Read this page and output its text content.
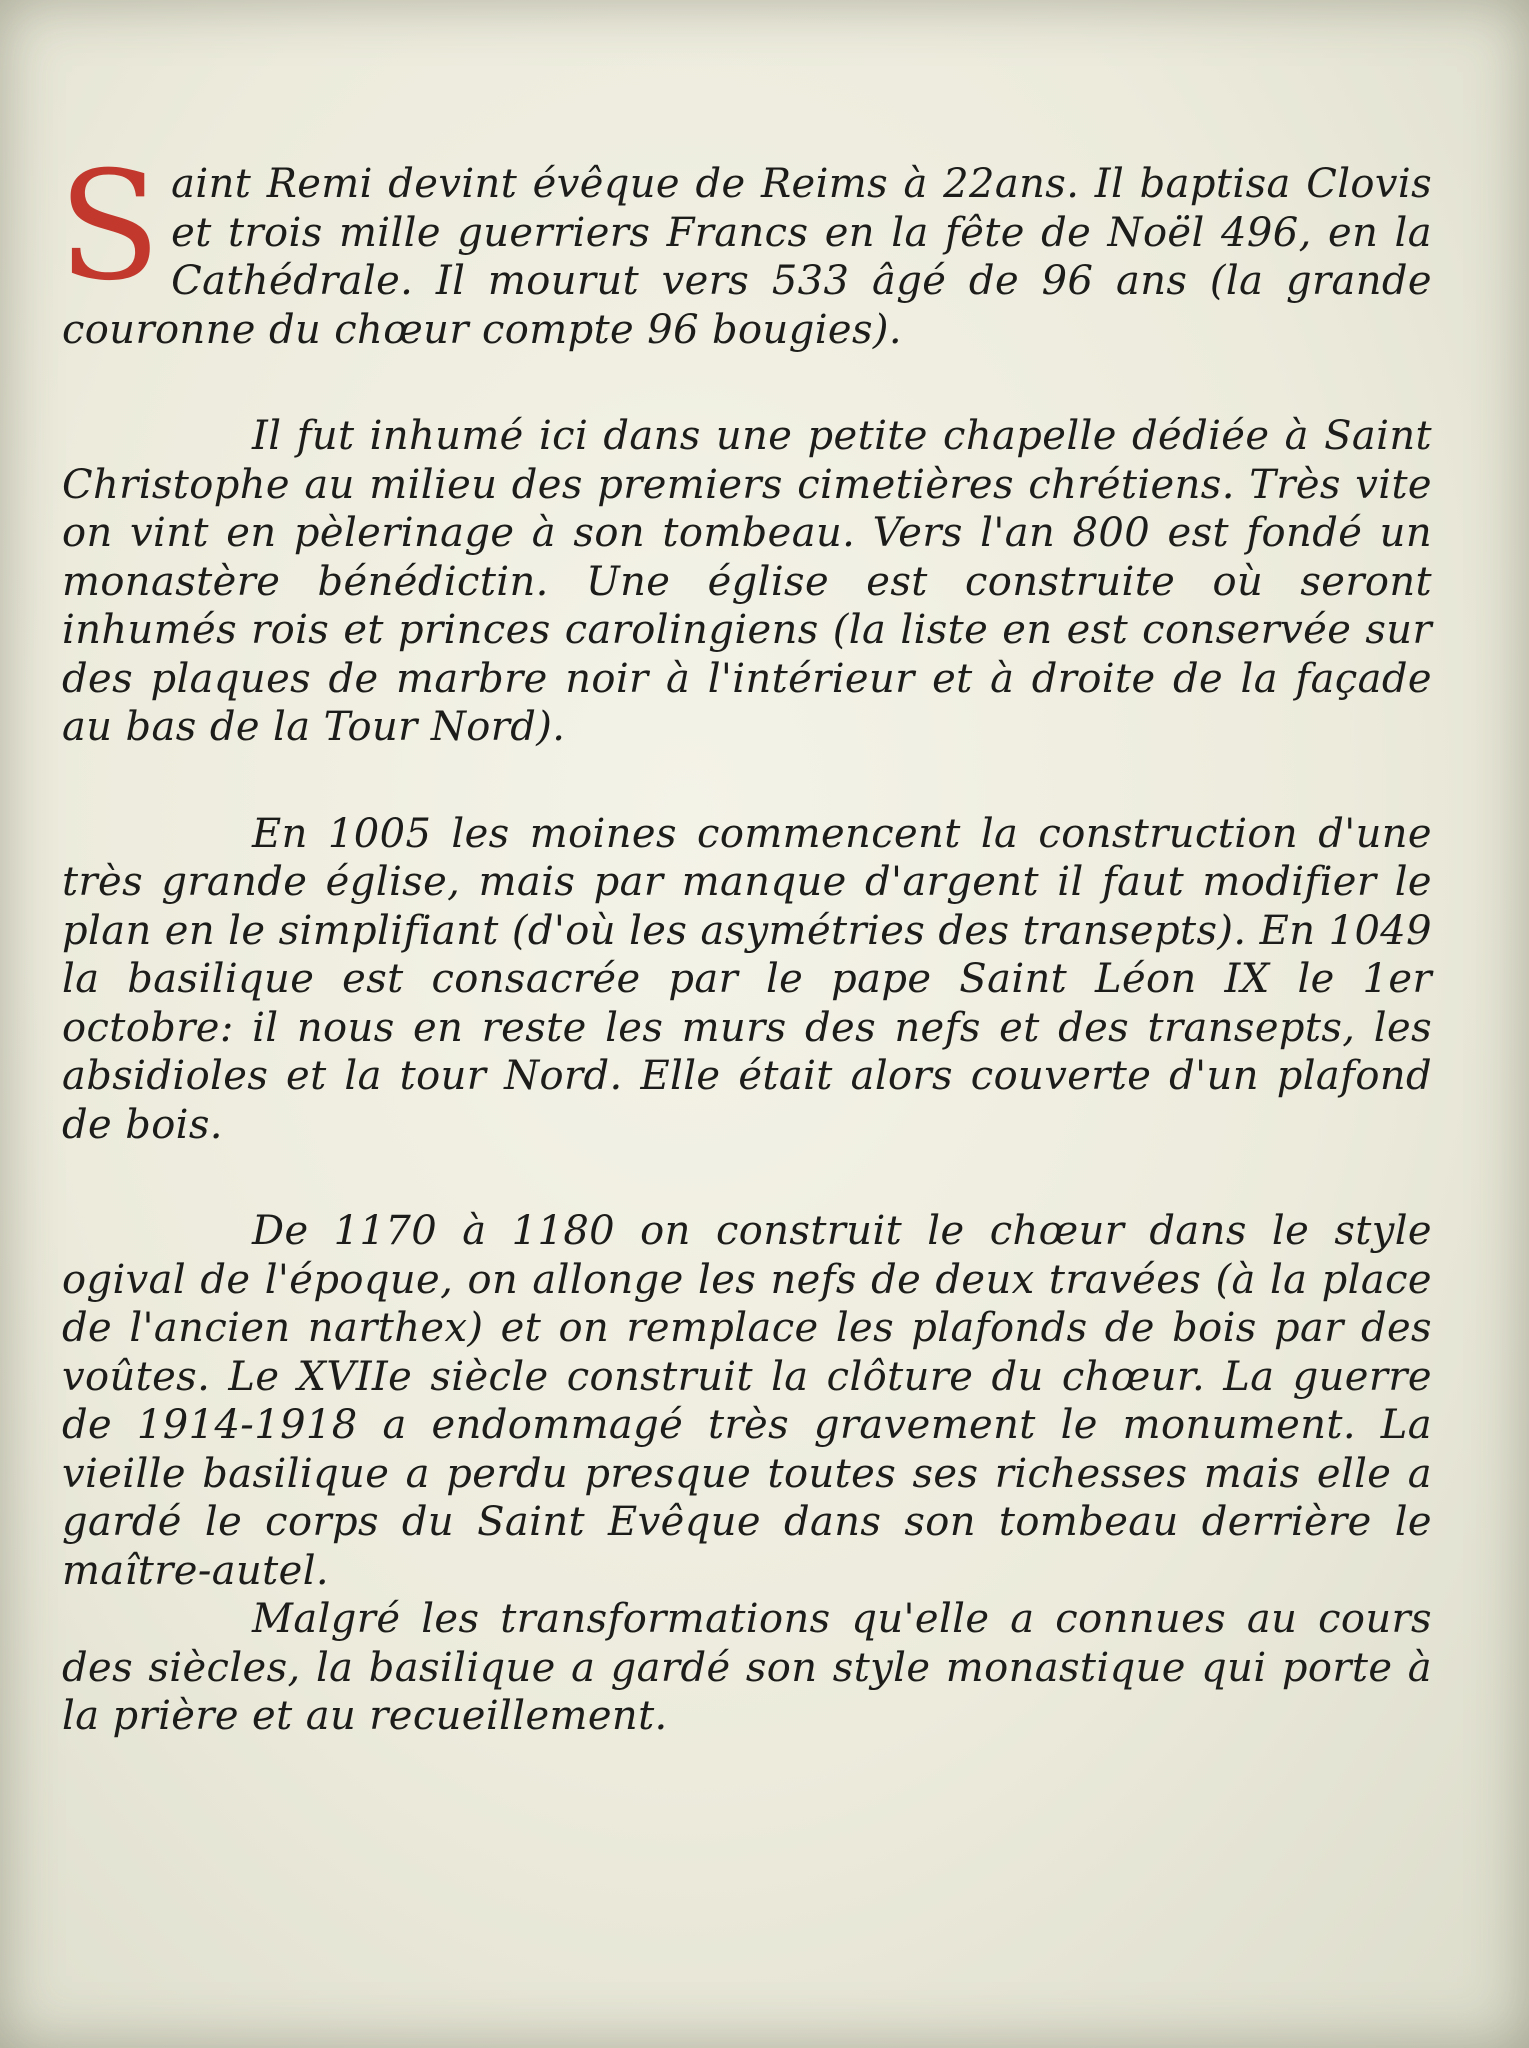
Saint Remi devint évêque de Reims à 22ans. Il baptisa Clovis et trois mille guerriers Francs en la fête de Noël 496, en la Cathédrale. Il mourut vers 533 âgé de 96 ans (la grande couronne du chœur compte 96 bougies).

Il fut inhumé ici dans une petite chapelle dédiée à Saint Christophe au milieu des premiers cimetières chrétiens. Très vite on vint en pèlerinage à son tombeau. Vers l'an 800 est fondé un monastère bénédictin. Une église est construite où seront inhumés rois et princes carolingiens (la liste en est conservée sur des plaques de marbre noir à l'intérieur et à droite de la façade au bas de la Tour Nord).

En 1005 les moines commencent la construction d'une très grande église, mais par manque d'argent il faut modifier le plan en le simplifiant (d'où les asymétries des transepts). En 1049 la basilique est consacrée par le pape Saint Léon IX le 1er octobre: il nous en reste les murs des nefs et des transepts, les absidioles et la tour Nord. Elle était alors couverte d'un plafond de bois.

De 1170 à 1180 on construit le chœur dans le style ogival de l'époque, on allonge les nefs de deux travées (à la place de l'ancien narthex) et on remplace les plafonds de bois par des voûtes. Le XVIIe siècle construit la clôture du chœur. La guerre de 1914-1918 a endommagé très gravement le monument. La vieille basilique a perdu presque toutes ses richesses mais elle a gardé le corps du Saint Evêque dans son tombeau derrière le maître-autel.

Malgré les transformations qu'elle a connues au cours des siècles, la basilique a gardé son style monastique qui porte à la prière et au recueillement.
